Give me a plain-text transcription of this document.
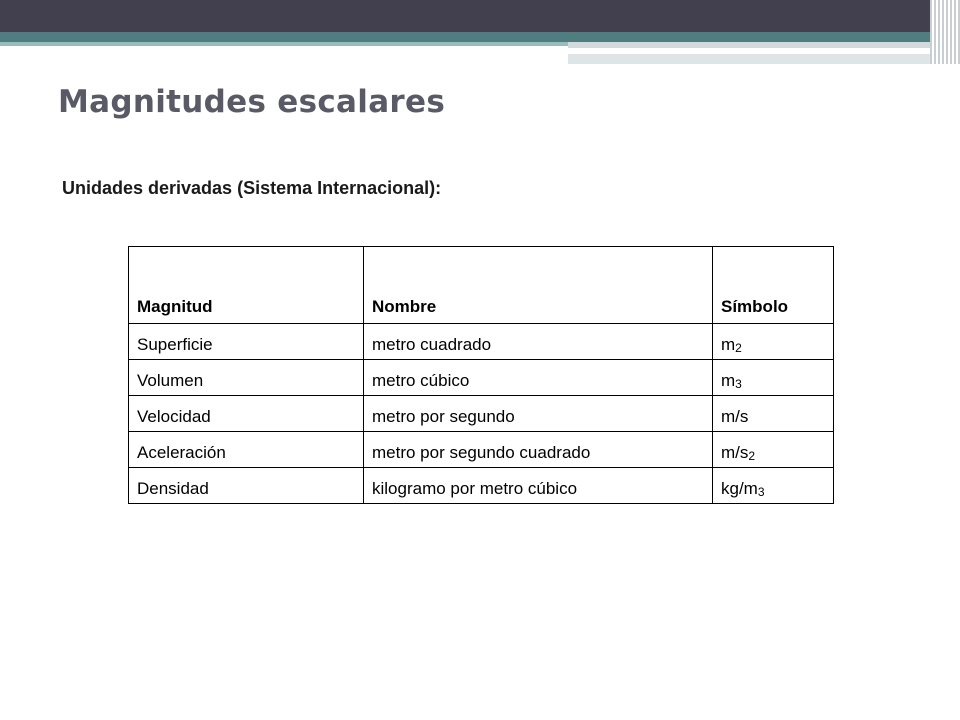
Magnitudes escalares

Unidades derivadas (Sistema Internacional):

Magnitud	Nombre	Símbolo
Superficie	metro cuadrado	$m_2$
Volumen	metro cúbico	$m_3$
Velocidad	metro por segundo	m/s
Aceleración	metro por segundo cuadrado	$m/s_2$
Densidad	kilogramo por metro cúbico	$kg/m_3$
